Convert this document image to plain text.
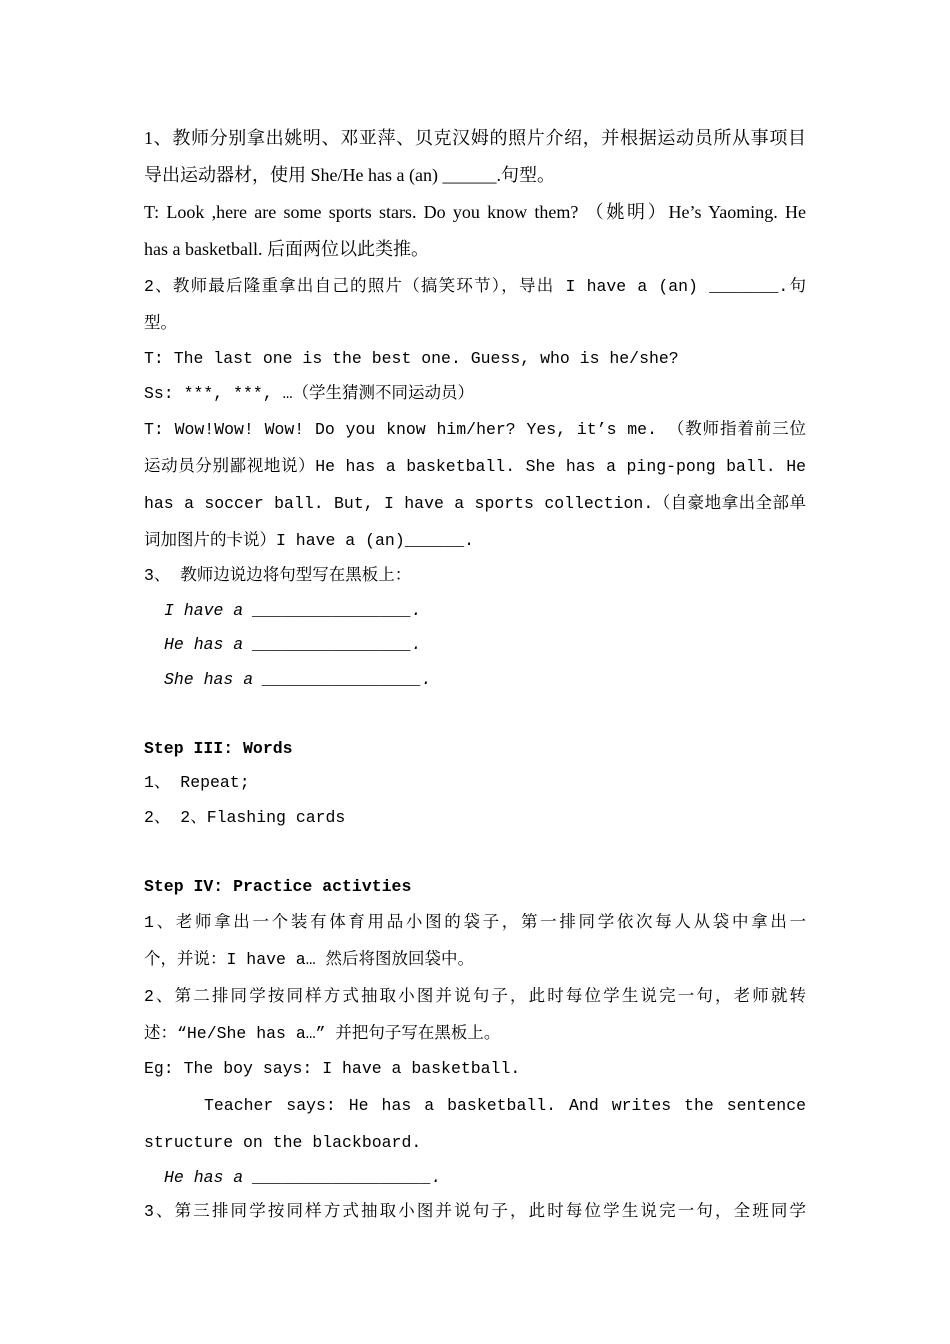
1、教师分别拿出姚明、邓亚萍、贝克汉姆的照片介绍，并根据运动员所从事项目

导出运动器材，使用 She/He has a (an) ______.句型。

T: Look ,here are some sports stars. Do you know them? （姚明）He’s Yaoming. He

has a basketball. 后面两位以此类推。

2、教师最后隆重拿出自己的照片（搞笑环节），导出 I have a (an) _______.句

型。

T: The last one is the best one. Guess, who is he/she?

Ss: ***, ***, …（学生猜测不同运动员）

T: Wow!Wow! Wow! Do you know him/her? Yes, it’s me. （教师指着前三位

运动员分别鄙视地说）He has a basketball. She has a ping-pong ball. He

has a soccer ball. But, I have a sports collection.（自豪地拿出全部单

词加图片的卡说）I have a (an)______.

3、 教师边说边将句型写在黑板上：

I have a ________________.

He has a ________________.

She has a ________________.

Step III: Words

1、 Repeat;

2、 2、Flashing cards

Step IV: Practice activties

1、老师拿出一个装有体育用品小图的袋子，第一排同学依次每人从袋中拿出一

个，并说：I have a… 然后将图放回袋中。

2、第二排同学按同样方式抽取小图并说句子，此时每位学生说完一句，老师就转

述：“He/She has a…” 并把句子写在黑板上。

Eg: The boy says: I have a basketball.

Teacher says: He has a basketball. And writes the sentence

structure on the blackboard.

He has a __________________.

3、第三排同学按同样方式抽取小图并说句子，此时每位学生说完一句，全班同学
